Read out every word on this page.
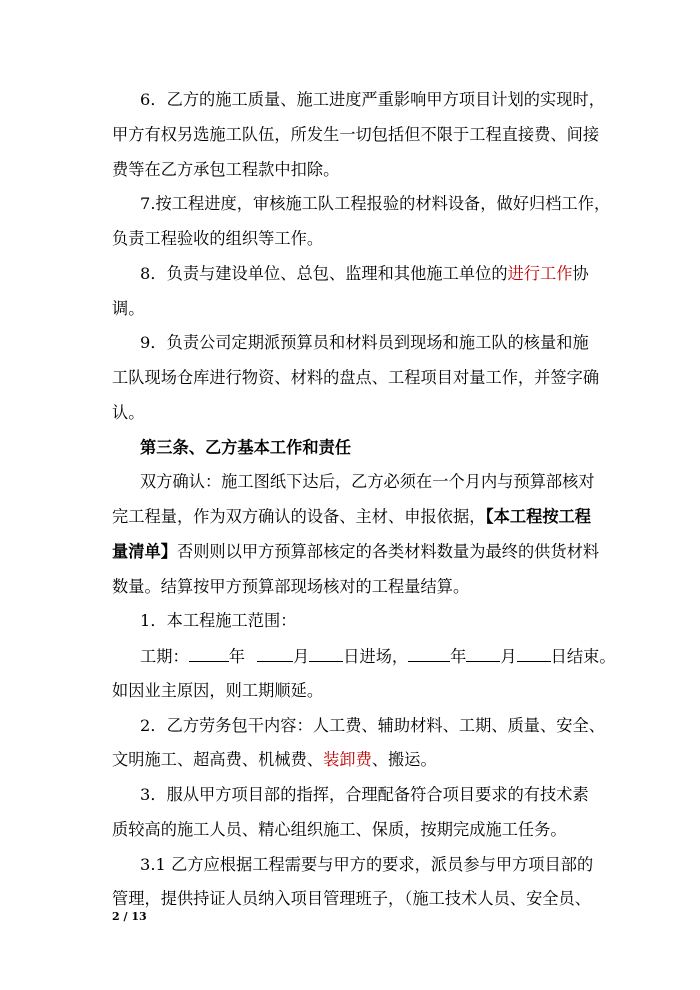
6．乙方的施工质量、施工进度严重影响甲方项目计划的实现时，
甲方有权另选施工队伍，所发生一切包括但不限于工程直接费、间接
费等在乙方承包工程款中扣除。
7.按工程进度，审核施工队工程报验的材料设备，做好归档工作，
负责工程验收的组织等工作。
8．负责与建设单位、总包、监理和其他施工单位的进行工作协
调。
9．负责公司定期派预算员和材料员到现场和施工队的核量和施
工队现场仓库进行物资、材料的盘点、工程项目对量工作，并签字确
认。
第三条、乙方基本工作和责任
双方确认：施工图纸下达后，乙方必须在一个月内与预算部核对
完工程量，作为双方确认的设备、主材、申报依据，【本工程按工程
量清单】否则则以甲方预算部核定的各类材料数量为最终的供货材料
数量。结算按甲方预算部现场核对的工程量结算。
1．本工程施工范围：
工期： 年	月 日进场，	年 月 日结束。
如因业主原因，则工期顺延。
2．乙方劳务包干内容：人工费、辅助材料、工期、质量、安全、
文明施工、超高费、机械费、装卸费、搬运。
3．服从甲方项目部的指挥，合理配备符合项目要求的有技术素
质较高的施工人员、精心组织施工、保质，按期完成施工任务。
3.1 乙方应根据工程需要与甲方的要求，派员参与甲方项目部的
管理，提供持证人员纳入项目管理班子，（施工技术人员、安全员、
2 / 13
